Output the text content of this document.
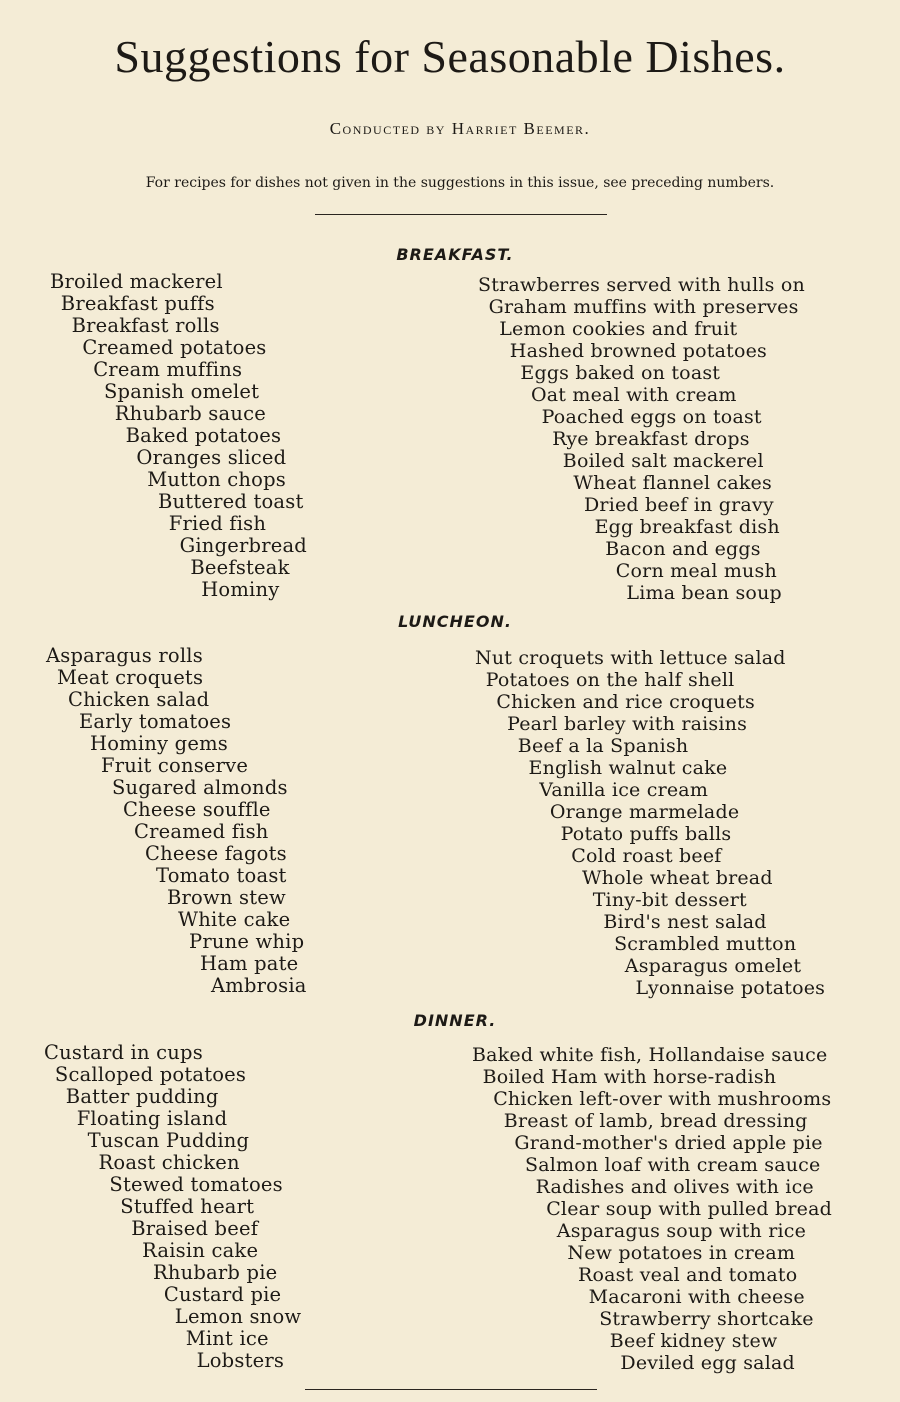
Suggestions for Seasonable Dishes.
Conducted by Harriet Beemer.
For recipes for dishes not given in the suggestions in this issue, see preceding numbers.
BREAKFAST.
Broiled mackerel
Breakfast puffs
Breakfast rolls
Creamed potatoes
Cream muffins
Spanish omelet
Rhubarb sauce
Baked potatoes
Oranges sliced
Mutton chops
Buttered toast
Fried fish
Gingerbread
Beefsteak
Hominy
Strawberres served with hulls on
Graham muffins with preserves
Lemon cookies and fruit
Hashed browned potatoes
Eggs baked on toast
Oat meal with cream
Poached eggs on toast
Rye breakfast drops
Boiled salt mackerel
Wheat flannel cakes
Dried beef in gravy
Egg breakfast dish
Bacon and eggs
Corn meal mush
Lima bean soup
LUNCHEON.
Asparagus rolls
Meat croquets
Chicken salad
Early tomatoes
Hominy gems
Fruit conserve
Sugared almonds
Cheese souffle
Creamed fish
Cheese fagots
Tomato toast
Brown stew
White cake
Prune whip
Ham pate
Ambrosia
Nut croquets with lettuce salad
Potatoes on the half shell
Chicken and rice croquets
Pearl barley with raisins
Beef a la Spanish
English walnut cake
Vanilla ice cream
Orange marmelade
Potato puffs balls
Cold roast beef
Whole wheat bread
Tiny-bit dessert
Bird's nest salad
Scrambled mutton
Asparagus omelet
Lyonnaise potatoes
DINNER.
Custard in cups
Scalloped potatoes
Batter pudding
Floating island
Tuscan Pudding
Roast chicken
Stewed tomatoes
Stuffed heart
Braised beef
Raisin cake
Rhubarb pie
Custard pie
Lemon snow
Mint ice
Lobsters
Baked white fish, Hollandaise sauce
Boiled Ham with horse-radish
Chicken left-over with mushrooms
Breast of lamb, bread dressing
Grand-mother's dried apple pie
Salmon loaf with cream sauce
Radishes and olives with ice
Clear soup with pulled bread
Asparagus soup with rice
New potatoes in cream
Roast veal and tomato
Macaroni with cheese
Strawberry shortcake
Beef kidney stew
Deviled egg salad
